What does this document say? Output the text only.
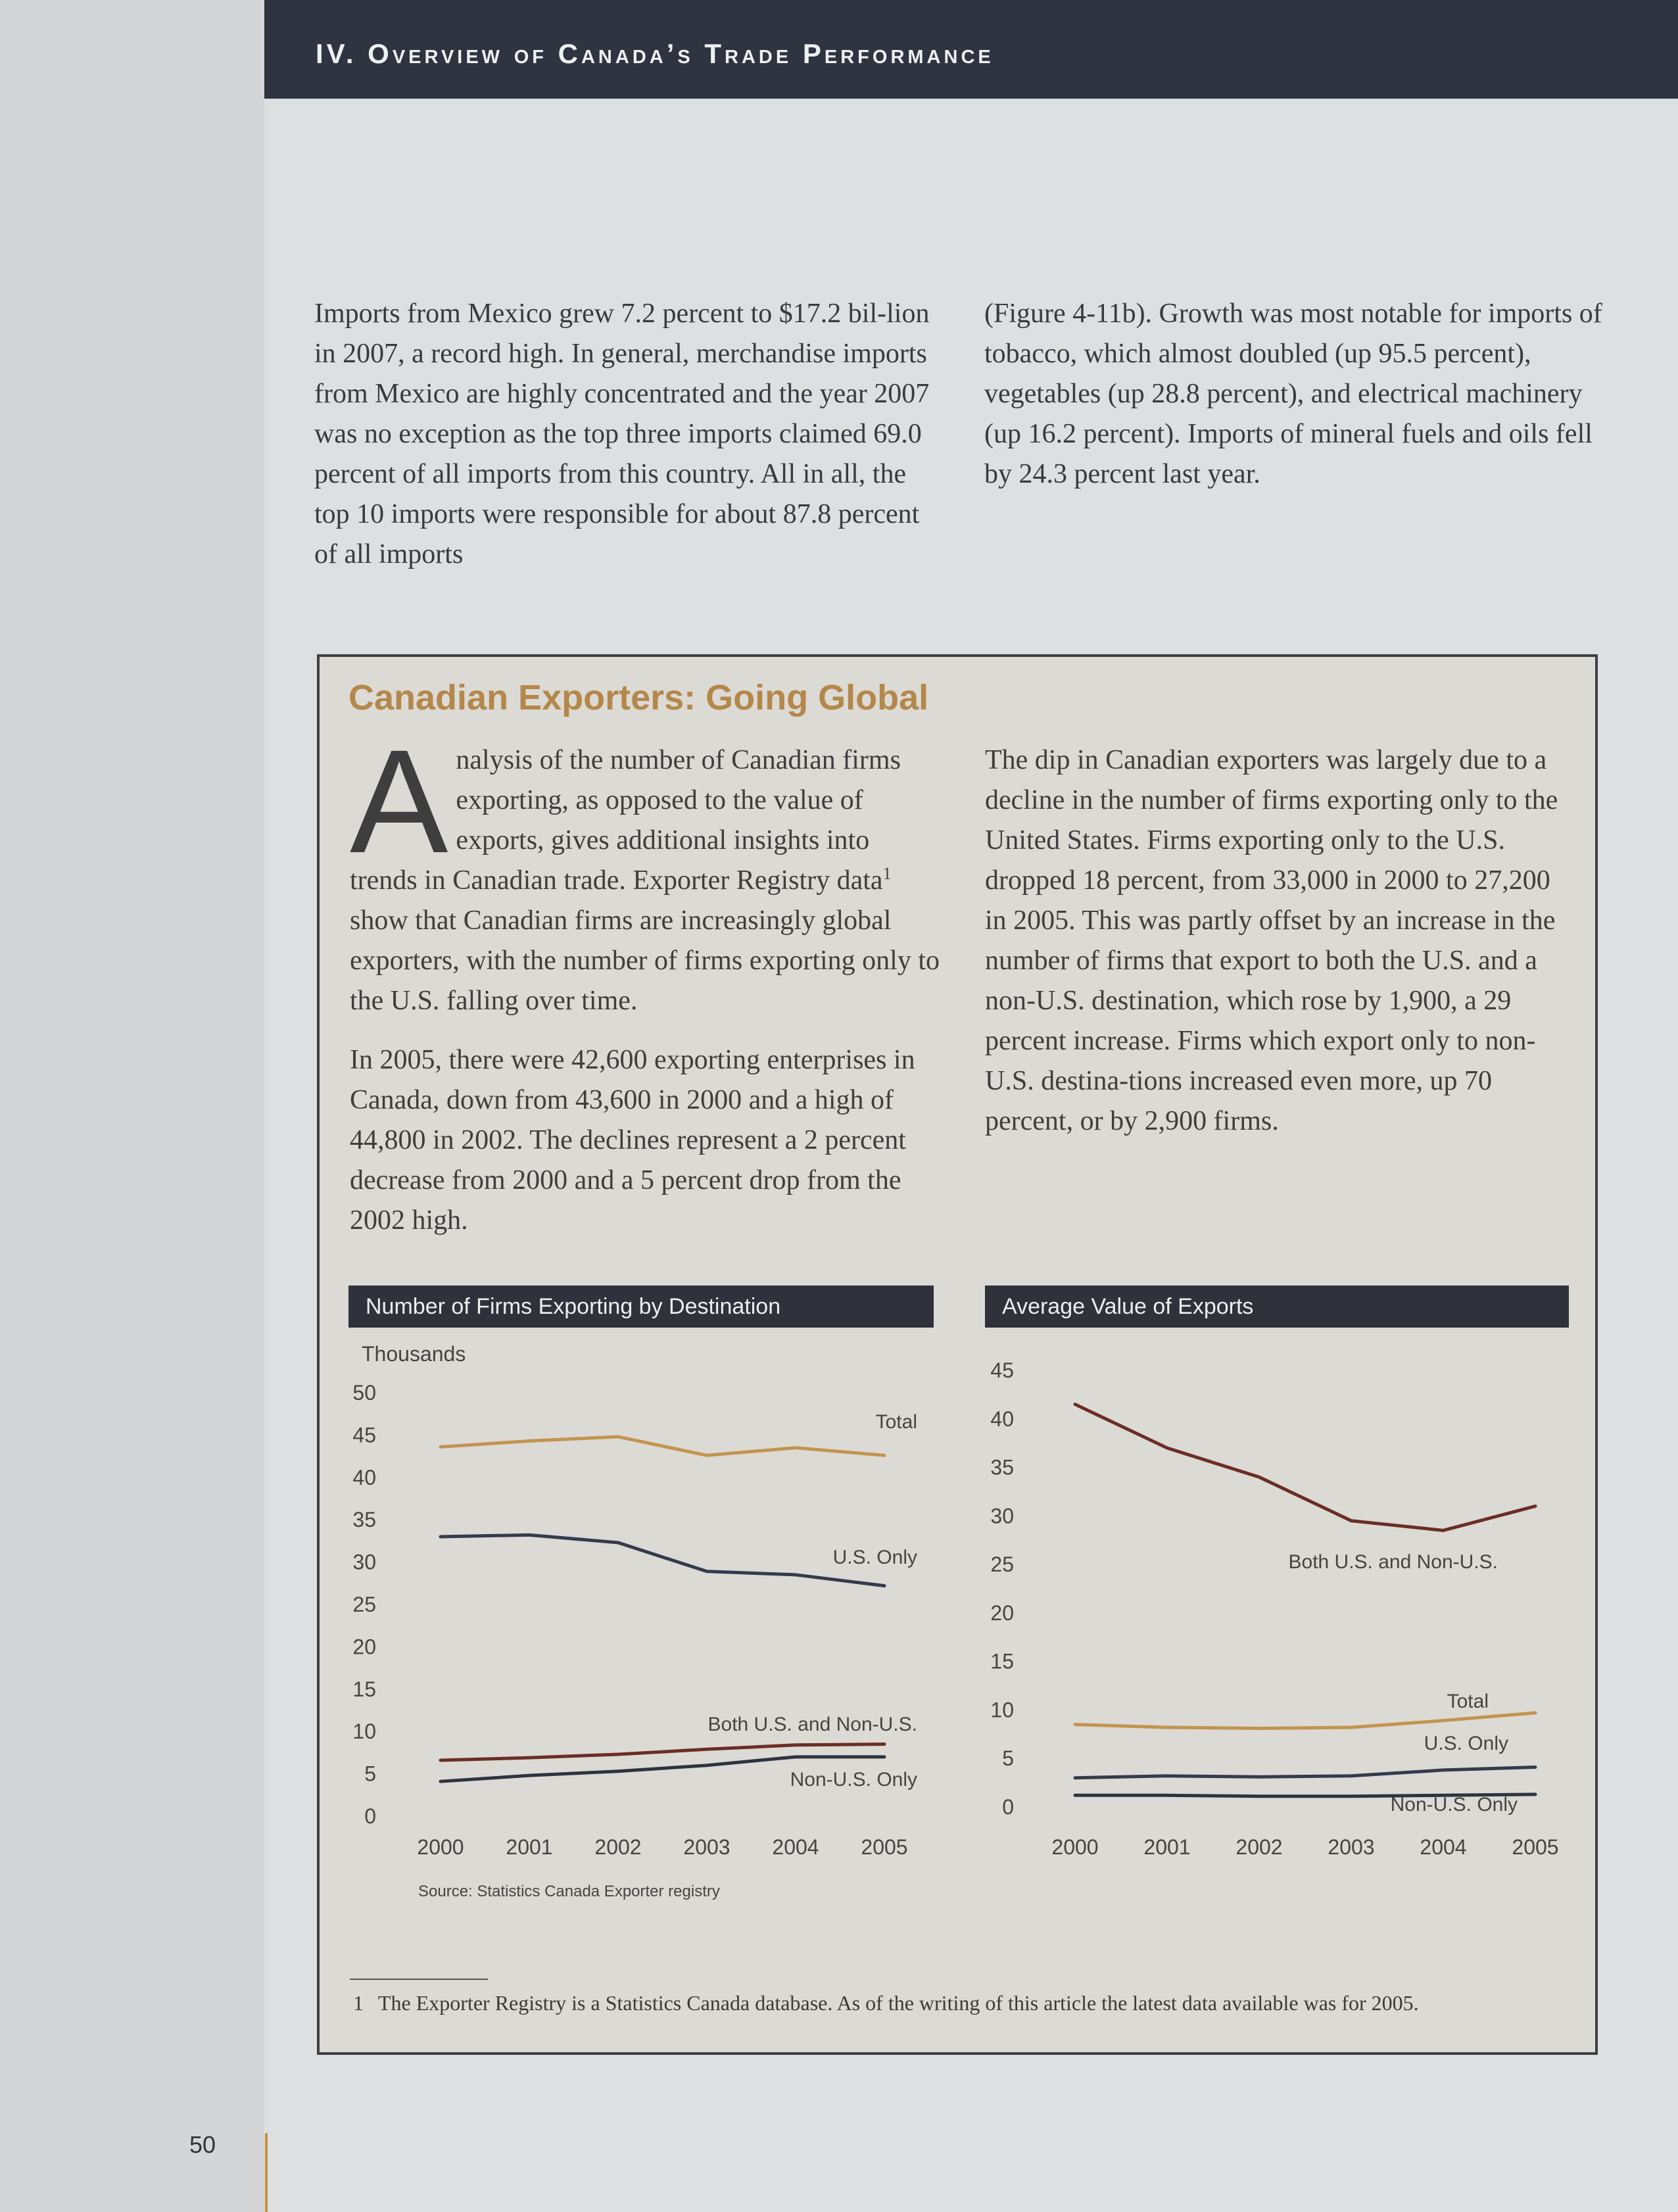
IV. Overview of Canada’s Trade Performance
Imports from Mexico grew 7.2 percent to $17.2 bil-lion in 2007, a record high. In general, merchandise imports from Mexico are highly concentrated and the year 2007 was no exception as the top three imports claimed 69.0 percent of all imports from this country. All in all, the top 10 imports were responsible for about 87.8 percent of all imports
(Figure 4-11b). Growth was most notable for imports of tobacco, which almost doubled (up 95.5 percent), vegetables (up 28.8 percent), and electrical machinery (up 16.2 percent). Imports of mineral fuels and oils fell by 24.3 percent last year.
Canadian Exporters: Going Global
Analysis of the number of Canadian firms exporting, as opposed to the value of exports, gives additional insights into trends in Canadian trade. Exporter Registry data$^1$ show that Canadian firms are increasingly global exporters, with the number of firms exporting only to the U.S. falling over time.
In 2005, there were 42,600 exporting enterprises in Canada, down from 43,600 in 2000 and a high of 44,800 in 2002. The declines represent a 2 percent decrease from 2000 and a 5 percent drop from the 2002 high.
The dip in Canadian exporters was largely due to a decline in the number of firms exporting only to the United States. Firms exporting only to the U.S. dropped 18 percent, from 33,000 in 2000 to 27,200 in 2005. This was partly offset by an increase in the number of firms that export to both the U.S. and a non-U.S. destination, which rose by 1,900, a 29 percent increase. Firms which export only to non-U.S. destina-tions increased even more, up 70 percent, or by 2,900 firms.
Number of Firms Exporting by Destination	Average Value of Exports
Thousands
0
5
10
15
20
25
30
35
40
45
50
2000 2001 2002 2003 2004 2005
Total
U.S. Only
Both U.S. and Non-U.S.
Non-U.S. Only
0
5
10
15
20
25
30
35
40
45
2000 2001 2002 2003 2004 2005
Both U.S. and Non-U.S.
Total
U.S. Only
Non-U.S. Only
Source: Statistics Canada Exporter registry
1 The Exporter Registry is a Statistics Canada database. As of the writing of this article the latest data available was for 2005.
50
